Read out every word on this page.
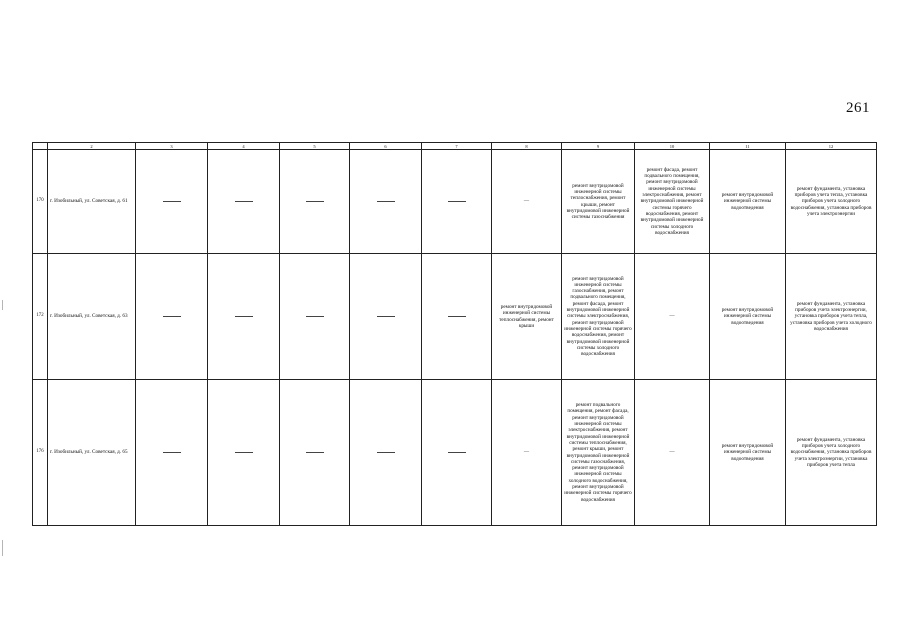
261
	2	3	4	5	6	7	8	9	10	11	12
170	г. Изобильный, ул. Советская, д. 61						—	ремонт внутридомовой инженерной системы теплоснабжения, ремонт крыши, ремонт внутридомовой инженерной системы газоснабжения	ремонт фасада, ремонт подвального помещения, ремонт внутридомовой инженерной системы электроснабжения, ремонт внутридомовой инженерной системы горячего водоснабжения, ремонт внутридомовой инженерной системы холодного водоснабжения	ремонт внутридомовой инженерной системы водоотведения	ремонт фундамента, установка приборов учета тепла, установка приборов учета холодного водоснабжения, установка приборов учета электроэнергии
172	г. Изобильный, ул. Советская, д. 63						ремонт внутридомовой инженерной системы теплоснабжения, ремонт крыши	ремонт внутридомовой инженерной системы газоснабжения, ремонт подвального помещения, ремонт фасада, ремонт внутридомовой инженерной системы электроснабжения, ремонт внутридомовой инженерной системы горячего водоснабжения, ремонт внутридомовой инженерной системы холодного водоснабжения	—	ремонт внутридомовой инженерной системы водоотведения	ремонт фундамента, установка приборов учета электроэнергии, установка приборов учета тепла, установка приборов учета холодного водоснабжения
176	г. Изобильный, ул. Советская, д. 65						—	ремонт подвального помещения, ремонт фасада, ремонт внутридомовой инженерной системы электроснабжения, ремонт внутридомовой инженерной системы теплоснабжения, ремонт крыши, ремонт внутридомовой инженерной системы газоснабжения, ремонт внутридомовой инженерной системы холодного водоснабжения, ремонт внутридомовой инженерной системы горячего водоснабжения	—	ремонт внутридомовой инженерной системы водоотведения	ремонт фундамента, установка приборов учета холодного водоснабжения, установка приборов учета электроэнергии, установка приборов учета тепла
